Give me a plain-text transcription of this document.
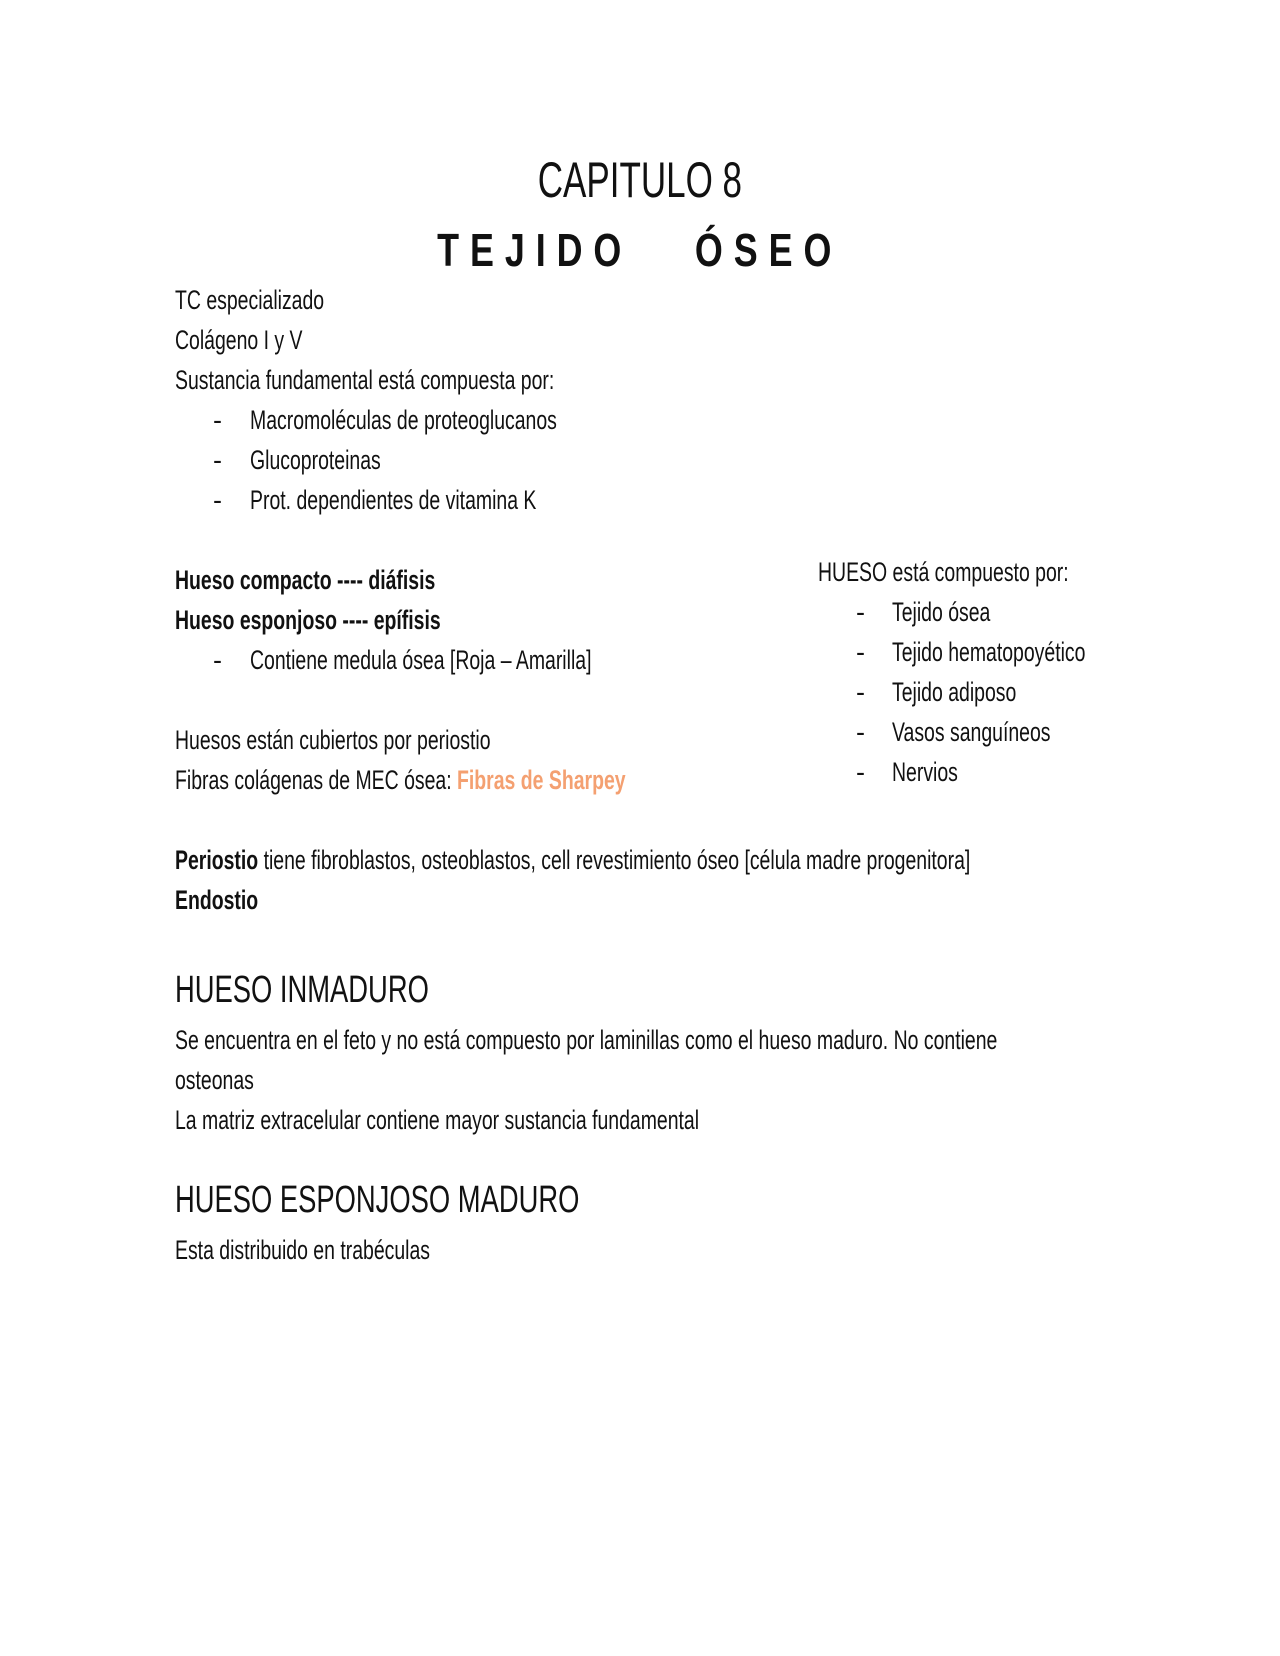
CAPITULO 8
TEJIDO   ÓSEO
TC especializado
Colágeno I y V
Sustancia fundamental está compuesta por:
- Macromoléculas de proteoglucanos
- Glucoproteinas
- Prot. dependientes de vitamina K
Hueso compacto ---- diáfisis
Hueso esponjoso ---- epífisis
- Contiene medula ósea [Roja – Amarilla]
Huesos están cubiertos por periostio
Fibras colágenas de MEC ósea: Fibras de Sharpey
HUESO está compuesto por:
- Tejido ósea
- Tejido hematopoyético
- Tejido adiposo
- Vasos sanguíneos
- Nervios
Periostio tiene fibroblastos, osteoblastos, cell revestimiento óseo [célula madre progenitora]
Endostio
HUESO INMADURO
Se encuentra en el feto y no está compuesto por laminillas como el hueso maduro. No contiene
osteonas
La matriz extracelular contiene mayor sustancia fundamental
HUESO ESPONJOSO MADURO
Esta distribuido en trabéculas
